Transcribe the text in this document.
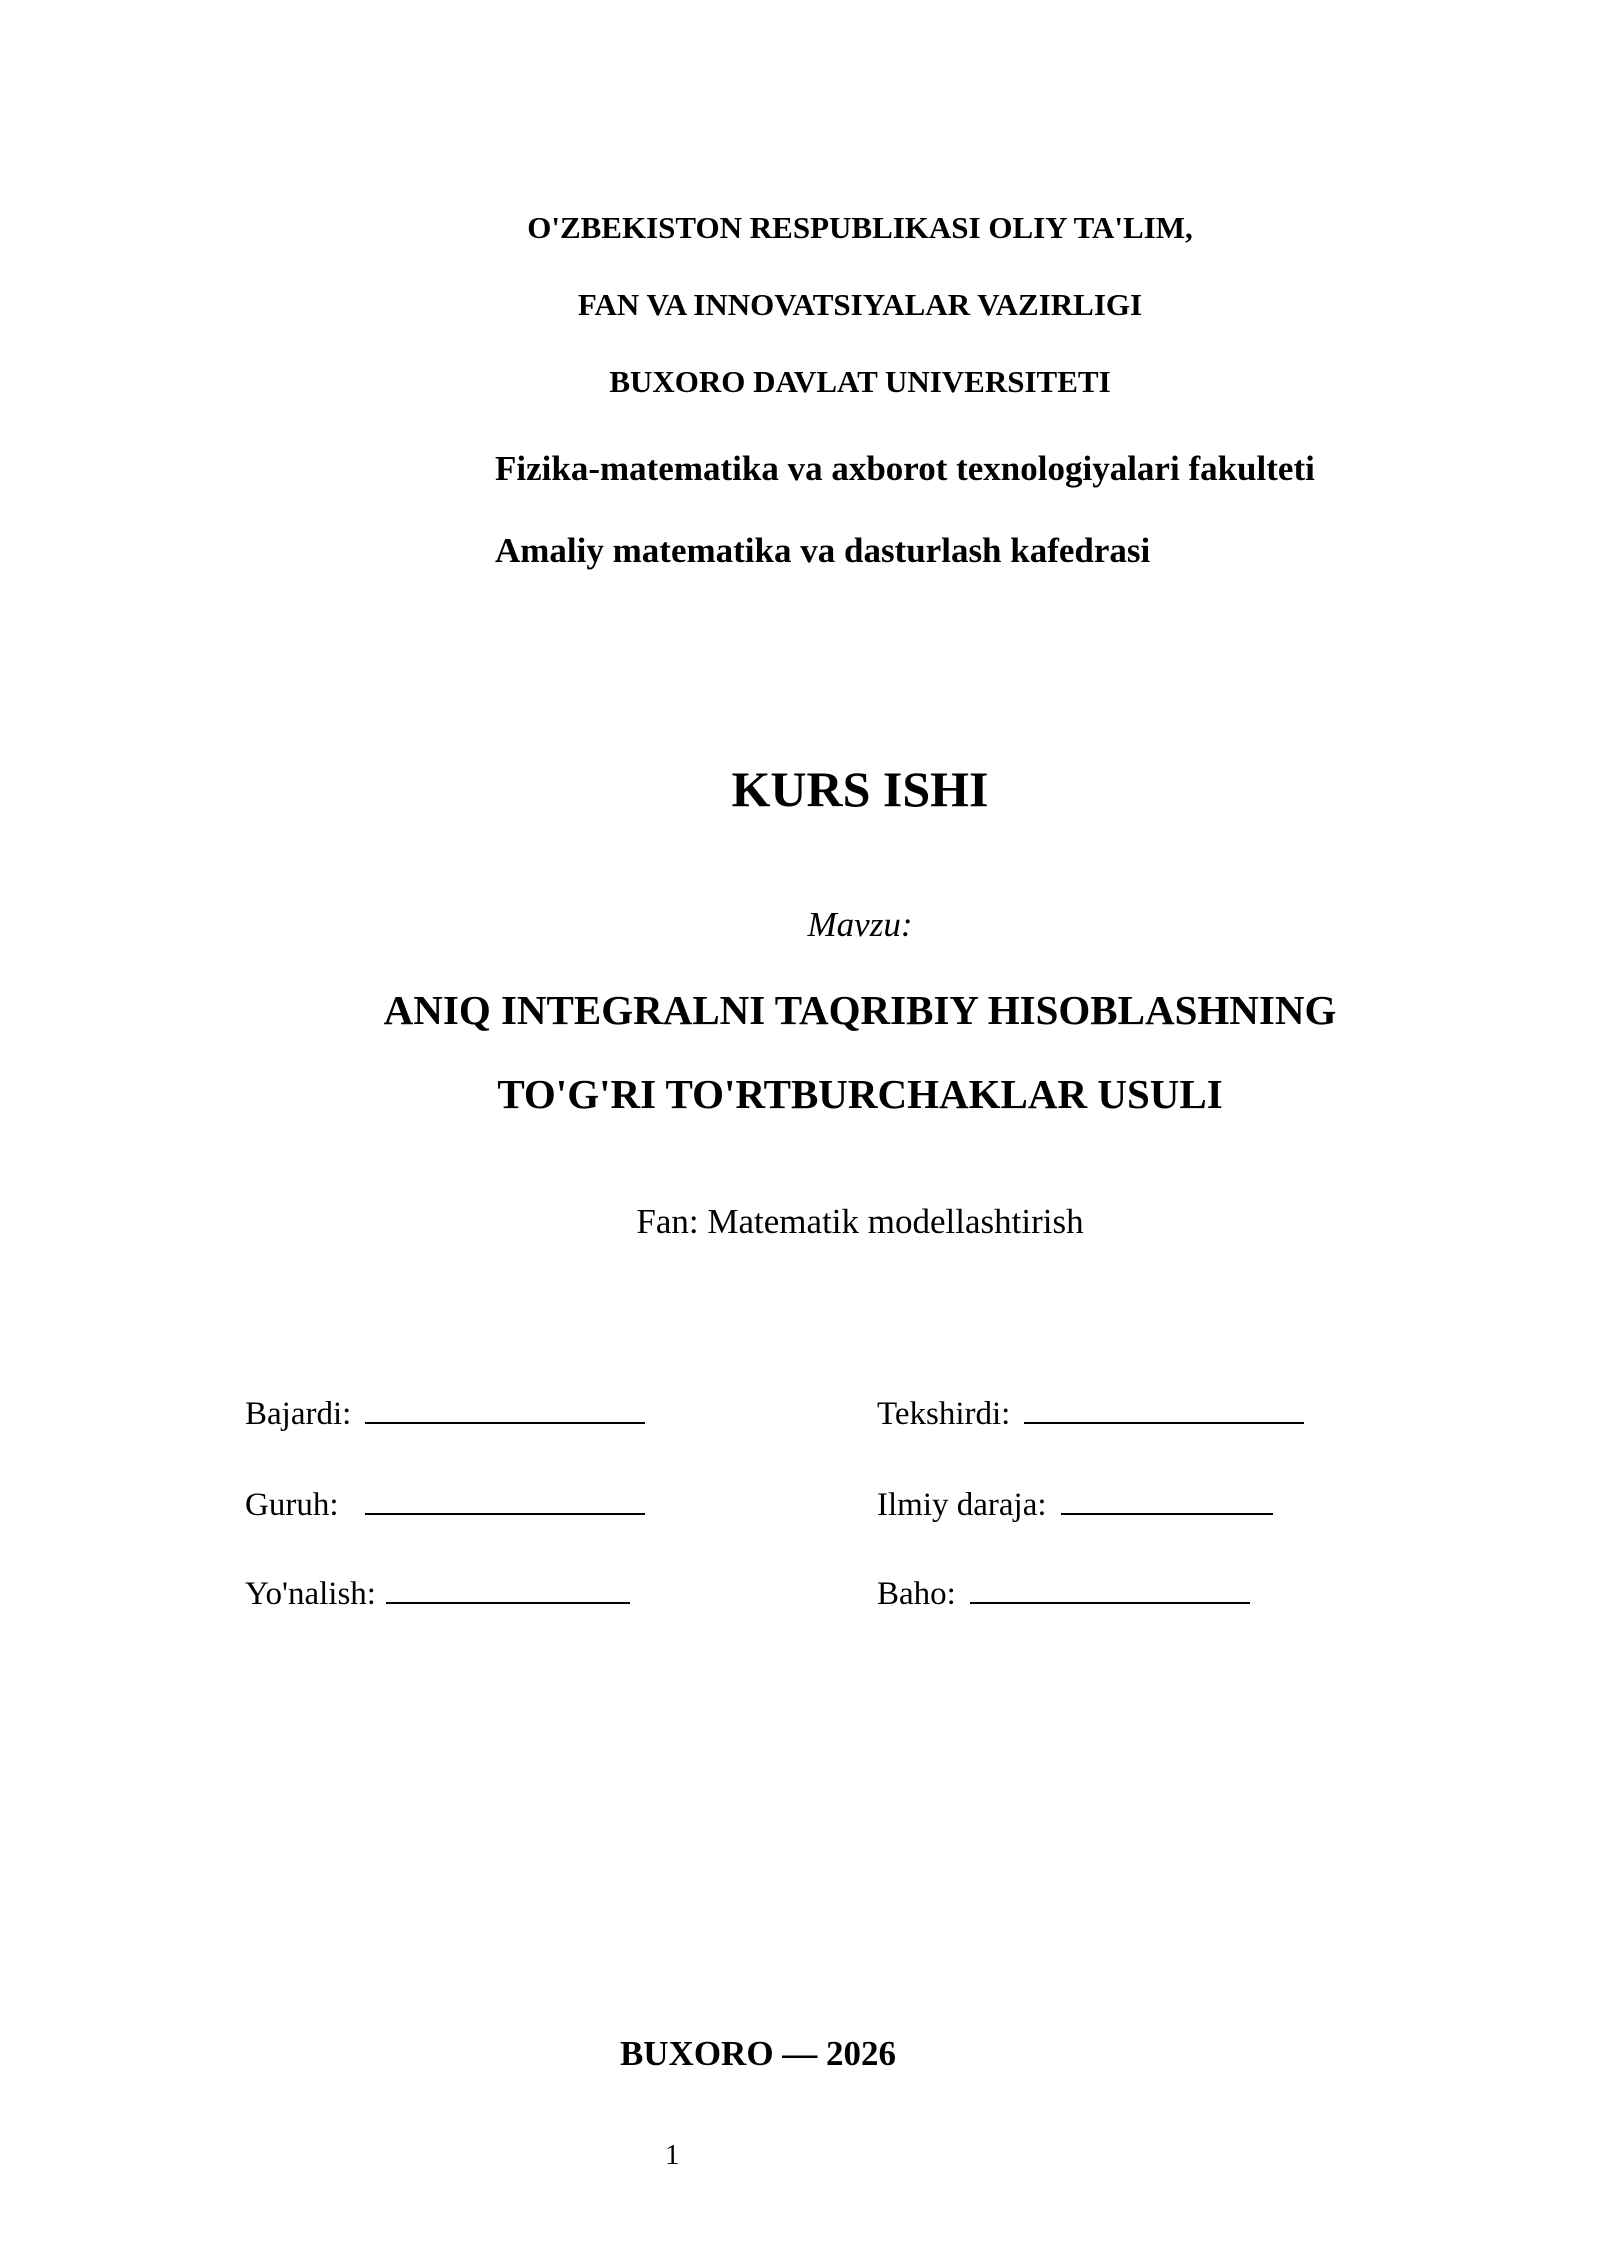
O'ZBEKISTON RESPUBLIKASI OLIY TA'LIM,
FAN VA INNOVATSIYALAR VAZIRLIGI
BUXORO DAVLAT UNIVERSITETI
Fizika-matematika va axborot texnologiyalari fakulteti
Amaliy matematika va dasturlash kafedrasi
KURS ISHI
Mavzu:
ANIQ INTEGRALNI TAQRIBIY HISOBLASHNING
TO'G'RI TO'RTBURCHAKLAR USULI
Fan: Matematik modellashtirish
Bajardi:
Guruh:
Yo'nalish:
Tekshirdi:
Ilmiy daraja:
Baho:
BUXORO — 2026
1
